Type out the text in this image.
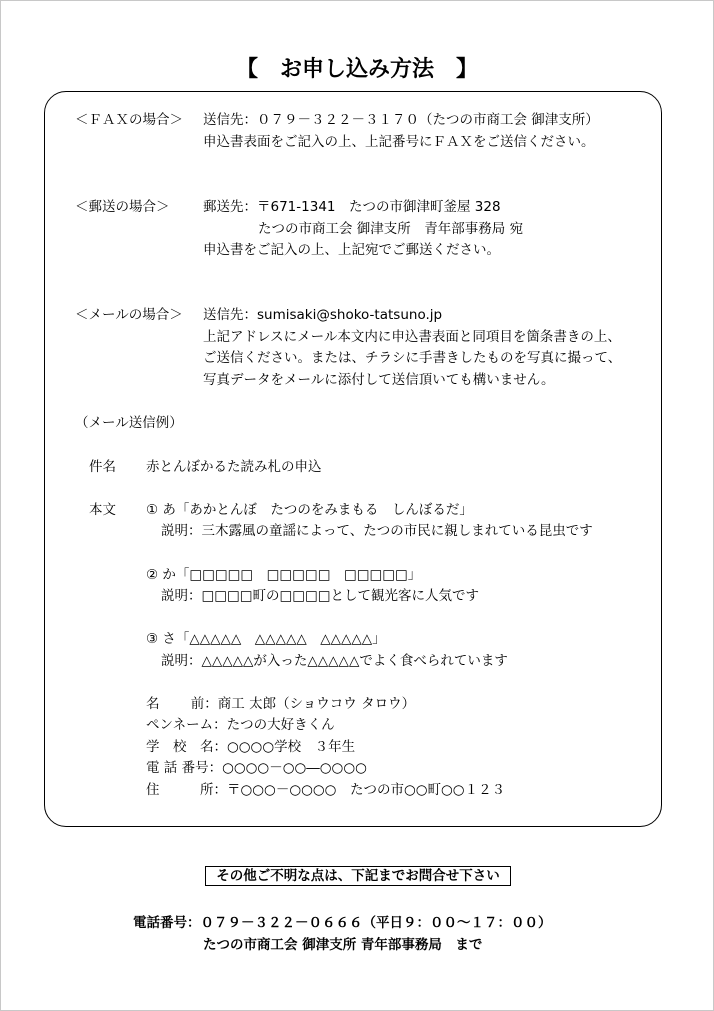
【　お申し込み方法　】
＜ＦＡＸの場合＞ 送信先：０７９－３２２－３１７０（たつの市商工会 御津支所）
申込書表面をご記入の上、上記番号にＦＡＸをご送信ください。
＜郵送の場合＞ 郵送先：〒671-1341　たつの市御津町釜屋 328
たつの市商工会 御津支所　青年部事務局 宛
申込書をご記入の上、上記宛でご郵送ください。
＜メールの場合＞ 送信先：sumisaki@shoko-tatsuno.jp
上記アドレスにメール本文内に申込書表面と同項目を箇条書きの上、
ご送信ください。または、チラシに手書きしたものを写真に撮って、
写真データをメールに添付して送信頂いても構いません。
（メール送信例）
件名 赤とんぼかるた読み札の申込
本文 ① あ「あかとんぼ　たつのをみまもる　しんぼるだ」
説明：三木露風の童謡によって、たつの市民に親しまれている昆虫です
② か「□□□□□　□□□□□　□□□□□」
説明：□□□□町の□□□□として観光客に人気です
③ さ「△△△△△　△△△△△　△△△△△」
説明：△△△△△が入った△△△△△でよく食べられています
名　　 前：商工 太郎（ショウコウ タロウ）
ペンネーム：たつの大好きくん
学　校　名：○○○○学校　３年生
電 話 番号：○○○○－○○―○○○○
住　　　所：〒○○○－○○○○　たつの市○○町○○１２３
その他ご不明な点は、下記までお問合せ下さい
電話番号：０７９－３２２－０６６６（平日９：００～１７：００）
たつの市商工会 御津支所 青年部事務局　まで
